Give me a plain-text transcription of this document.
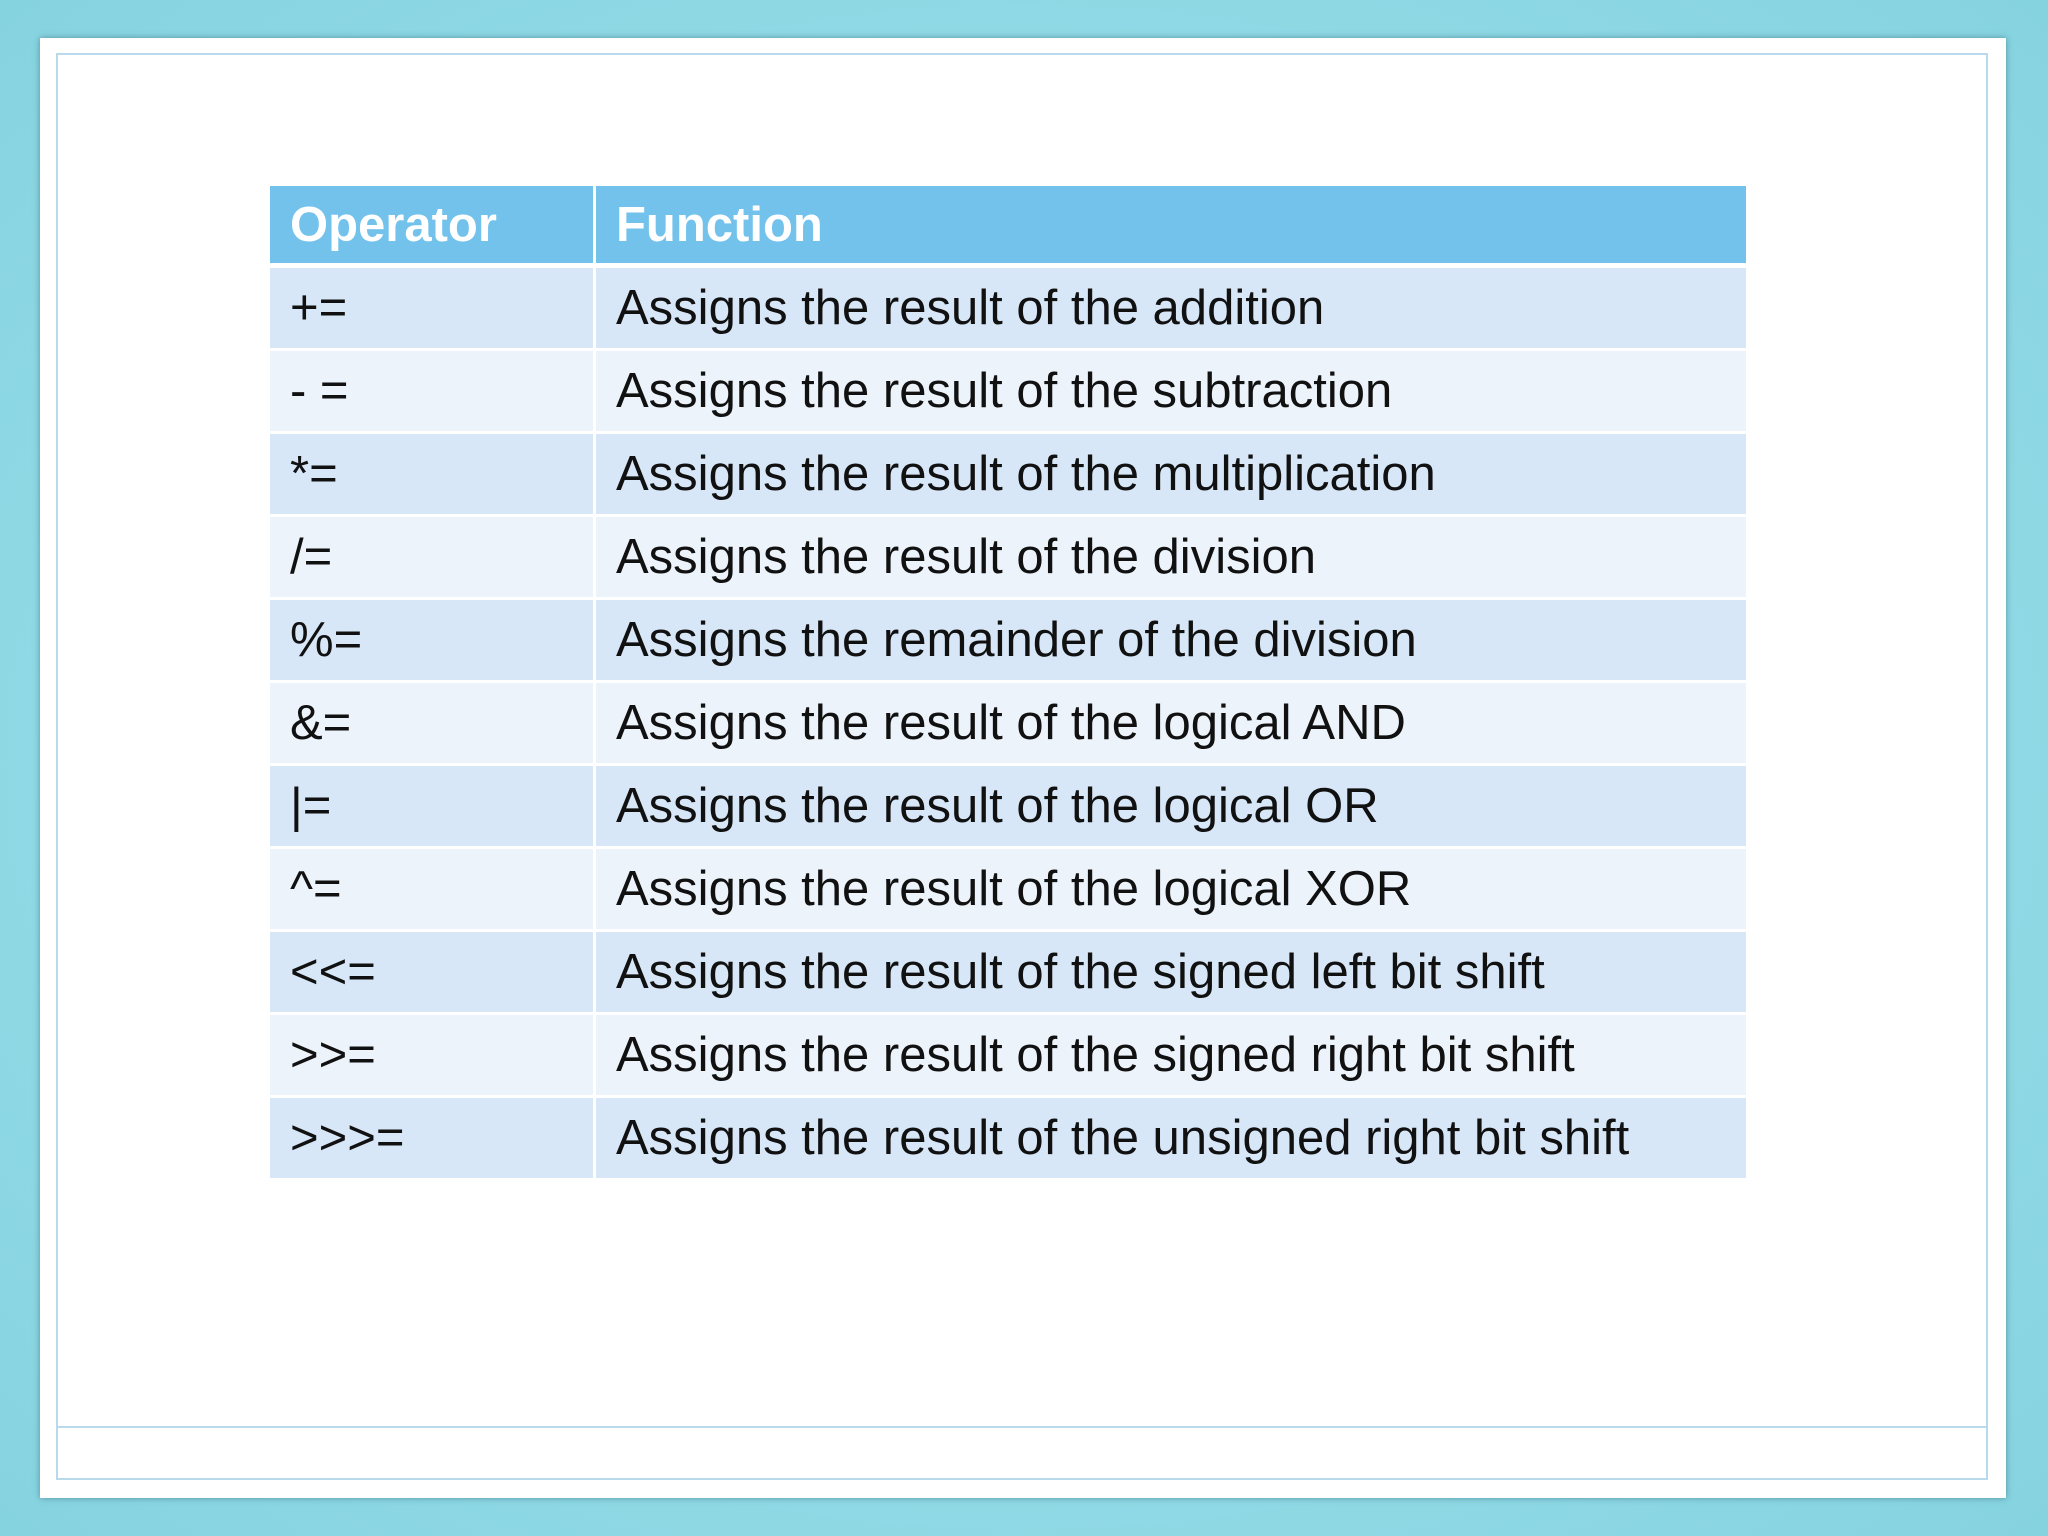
Operator	Function
+=	Assigns the result of the addition
- =	Assigns the result of the subtraction
*=	Assigns the result of the multiplication
/=	Assigns the result of the division
%=	Assigns the remainder of the division
&=	Assigns the result of the logical AND
|=	Assigns the result of the logical OR
^=	Assigns the result of the logical XOR
<<=	Assigns the result of the signed left bit shift
>>=	Assigns the result of the signed right bit shift
>>>=	Assigns the result of the unsigned right bit shift
